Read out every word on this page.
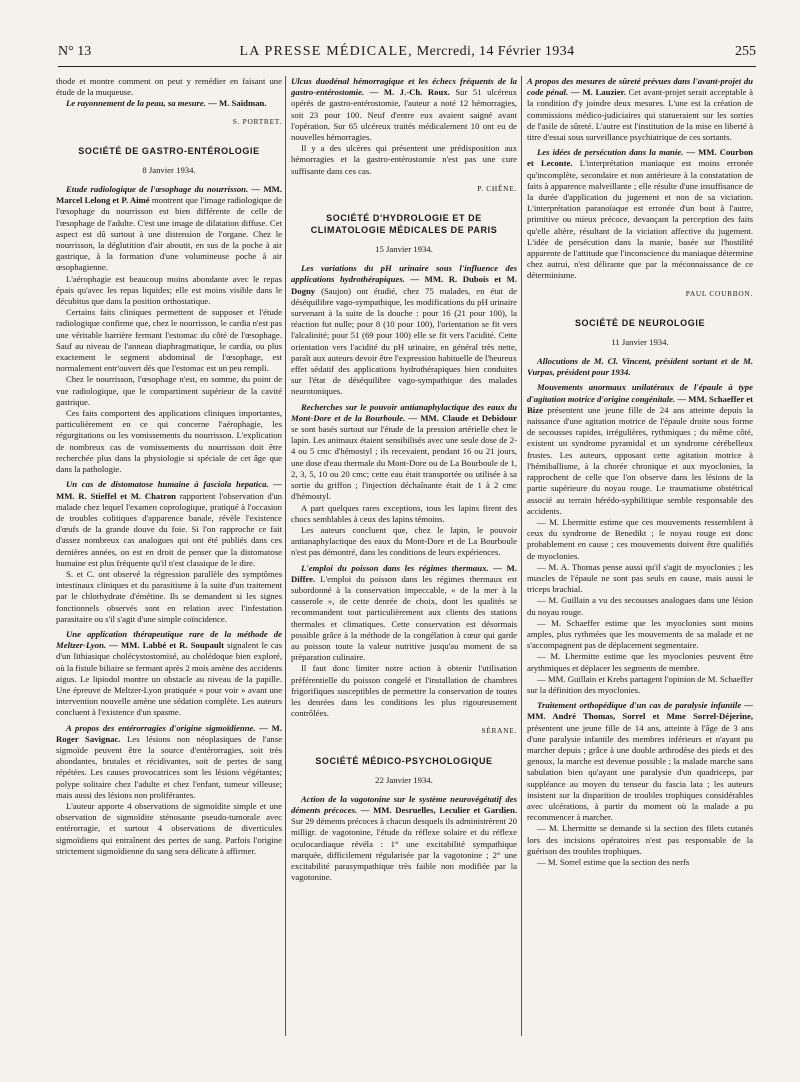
N° 13	LA PRESSE MÉDICALE, Mercredi, 14 Février 1934	255

thode et montre comment on peut y remédier en faisant une étude de la muqueuse.

Le rayonnement de la peau, sa mesure. — M. Saidman.

S. PORTRET.
SOCIÉTÉ DE GASTRO-ENTÉROLOGIE
8 Janvier 1934.

Etude radiologique de l'œsophage du nourrisson. — MM. Marcel Lelong et P. Aimé montrent que l'image radiologique de l'œsophage du nourrisson est bien différente de celle de l'œsophage de l'adulte. C'est une image de dilatation diffuse. Cet aspect est dû surtout à une distension de l'organe. Chez le nourrisson, la déglutition d'air aboutit, en sus de la poche à air gastrique, à la formation d'une volumineuse poche à air œsophagienne.

L'aérophagie est beaucoup moins abondante avec le repas épais qu'avec les repas liquides; elle est moins visible dans le décubitus que dans la position orthostatique.

Certains faits cliniques permettent de supposer et l'étude radiologique confirme que, chez le nourrisson, le cardia n'est pas une véritable barrière fermant l'estomac du côté de l'œsophage. Sauf au niveau de l'anneau diaphragmatique, le cardia, ou plus exactement le segment abdominal de l'œsophage, est normalement entr'ouvert dès que l'estomac est un peu rempli.

Chez le nourrisson, l'œsophage n'est, en somme, du point de vue radiologique, que le compartiment supérieur de la cavité gastrique.

Ces faits comportent des applications cliniques importantes, particulièrement en ce qui concerne l'aérophagie, les régurgitations ou les vomissements du nourrisson. L'explication de nombreux cas de vomissements du nourrisson doit être recherchée plus dans la physiologie si spéciale de cet âge que dans la pathologie.

Un cas de distomatose humaine à fasciola hepatica. — MM. R. Stieffel et M. Chatron rapportent l'observation d'un malade chez lequel l'examen coprologique, pratiqué à l'occasion de troubles colitiques d'apparence banale, révèle l'existence d'œufs de la grande douve du foie. Si l'on rapproche ce fait d'assez nombreux cas analogues qui ont été publiés dans ces dernières années, on est en droit de penser que la distomatose humaine est plus fréquente qu'il n'est classique de le dire.

S. et C. ont observé la régression parallèle des symptômes intestinaux cliniques et du parasitisme à la suite d'un traitement par le chlorhydrate d'émétine. Ils se demandent si les signes fonctionnels observés sont en relation avec l'infestation parasitaire ou s'il s'agit d'une simple coïncidence.

Une application thérapeutique rare de la méthode de Meltzer-Lyon. — MM. Labbé et R. Soupault signalent le cas d'un lithiasique cholécystostomisé, au cholédoque bien exploré, où la fistule biliaire se fermant après 2 mois amène des accidents aigus. Le lipiodol montre un obstacle au niveau de la papille. Une épreuve de Meltzer-Lyon pratiquée « pour voir » avant une intervention nouvelle amène une sédation complète. Les auteurs concluent à l'existence d'un spasme.

A propos des entérorragies d'origine sigmoïdienne. — M. Roger Savignac. Les lésions non néoplasiques de l'anse sigmoïde peuvent être la source d'entérorragies, soit très abondantes, brutales et récidivantes, soit de pertes de sang répétées. Les causes provocatrices sont les lésions végétantes; polype solitaire chez l'adulte et chez l'enfant, tumeur villeuse; mais aussi des lésions non proliférantes.

L'auteur apporte 4 observations de sigmoïdite simple et une observation de sigmoïdite sténosante pseudo-tumorale avec entérorragie, et surtout 4 observations de diverticules sigmoïdiens qui entraînent des pertes de sang. Parfois l'origine strictement sigmoïdienne du sang sera délicate à affirmer.

Ulcus duodénal hémorragique et les échecs fréquents de la gastro-entérostomie. — M. J.-Ch. Roux. Sur 51 ulcéreux opérés de gastro-entérostomie, l'auteur a noté 12 hémorragies, soit 23 pour 100. Neuf d'entre eux avaient saigné avant l'opération. Sur 65 ulcéreux traités médicalement 10 ont eu de nouvelles hémorragies.

Il y a des ulcères qui présentent une prédisposition aux hémorragies et la gastro-entérostomie n'est pas une cure suffisante dans ces cas.

P. CHÊNE.
SOCIÉTÉ D'HYDROLOGIE ET DE CLIMATOLOGIE MÉDICALES DE PARIS
15 Janvier 1934.

Les variations du pH urinaire sous l'influence des applications hydrothérapiques. — MM. R. Dubois et M. Dogny (Saujon) ont étudié, chez 75 malades, en état de déséquilibre vago-sympathique, les modifications du pH urinaire survenant à la suite de la douche : pour 16 (21 pour 100), la réaction fut nulle; pour 8 (10 pour 100), l'orientation se fit vers l'alcalinité; pour 51 (69 pour 100) elle se fit vers l'acidité. Cette orientation vers l'acidité du pH urinaire, en général très nette, paraît aux auteurs devoir être l'expression habituelle de l'heureux effet sédatif des applications hydrothérapiques bien conduites sur l'état de déséquilibre vago-sympathique des malades neurotoniques.

Recherches sur le pouvoir antianaphylactique des eaux du Mont-Dore et de la Bourboule. — MM. Claude et Debidour se sont basés surtout sur l'étude de la pression artérielle chez le lapin. Les animaux étaient sensibilisés avec une seule dose de 2-4 ou 5 cmc d'hémostyl ; ils recevaient, pendant 16 ou 21 jours, une dose d'eau thermale du Mont-Dore ou de La Bourboule de 1, 2, 3, 5, 10 ou 20 cmc; cette eau était transportée ou utilisée à sa sortie du griffon ; l'injection déchaînante était de 1 à 2 cmc d'hémostyl.

A part quelques rares exceptions, tous les lapins firent des chocs semblables à ceux des lapins témoins.

Les auteurs concluent que, chez le lapin, le pouvoir antianaphylactique des eaux du Mont-Dore et de La Bourboule n'est pas démontré, dans les conditions de leurs expériences.

L'emploi du poisson dans les régimes thermaux. — M. Diffre. L'emploi du poisson dans les régimes thermaux est subordonné à la conservation impeccable, « de la mer à la casserole », de cette denrée de choix, dont les qualités se recommandent tout particulièrement aux clients des stations thermales et climatiques. Cette conservation est désormais possible grâce à la méthode de la congélation à cœur qui garde au poisson toute la valeur nutritive jusqu'au moment de sa préparation culinaire.

Il faut donc limiter notre action à obtenir l'utilisation préférentielle du poisson congelé et l'installation de chambres frigorifiques susceptibles de permettre la conservation de toutes les denrées dans les conditions les plus rigoureusement contrôlées.

SÉRANE.
SOCIÉTÉ MÉDICO-PSYCHOLOGIQUE
22 Janvier 1934.

Action de la vagotonine sur le système neurovégétatif des déments précoces. — MM. Desruelles, Leculier et Gardien. Sur 29 déments précoces à chacun desquels ils administrèrent 20 milligr. de vagotonine, l'étude du réflexe solaire et du réflexe oculocardiaque révéla : 1° une excitabilité sympathique marquée, difficilement régularisée par la vagotonine ; 2° une excitabilité parasympathique très faible non modifiée par la vagotonine.

A propos des mesures de sûreté prévues dans l'avant-projet du code pénal. — M. Lauzier. Cet avant-projet serait acceptable à la condition d'y joindre deux mesures. L'une est la création de commissions médico-judiciaires qui statueraient sur les sorties de l'asile de sûreté. L'autre est l'institution de la mise en liberté à titre d'essai sous surveillance psychiatrique de ces sortants.

Les idées de persécution dans la manie. — MM. Courbon et Leconte. L'interprétation maniaque est moins erronée qu'incomplète, secondaire et non antérieure à la constatation de faits à apparence malveillante ; elle résulte d'une insuffisance de la durée d'application du jugement et non de sa viciation. L'interprétation paranoïaque est erronée d'un bout à l'autre, primitive ou mieux précoce, devançant la perception des faits qu'elle altère, résultant de la viciation affective du jugement. L'idée de persécution dans la manie, basée sur l'hostilité apparente de l'attitude que l'inconscience du maniaque détermine chez autrui, n'est délirante que par la méconnaissance de ce déterminisme.

PAUL COURBON.
SOCIÉTÉ DE NEUROLOGIE
11 Janvier 1934.

Allocutions de M. Cl. Vincent, président sortant et de M. Vurpas, président pour 1934.

Mouvements anormaux unilatéraux de l'épaule à type d'agitation motrice d'origine congénitale. — MM. Schaeffer et Bize présentent une jeune fille de 24 ans atteinte depuis la naissance d'une agitation motrice de l'épaule droite sous forme de secousses rapides, irrégulières, rythmiques ; du même côté, existent un syndrome pyramidal et un syndrome cérébelleux frustes. Les auteurs, opposant cette agitation motrice à l'hémiballisme, à la chorée chronique et aux myoclonies, la rapprochent de celle que l'on observe dans les lésions de la partie supérieure du noyau rouge. Le traumatisme obstétrical associé au terrain hérédo-syphilitique semble responsable des accidents.

— M. Lhermitte estime que ces mouvements ressemblent à ceux du syndrome de Benedikt ; le noyau rouge est donc probablement en cause ; ces mouvements doivent être qualifiés de myoclonies.

— M. A. Thomas pense aussi qu'il s'agit de myoclonies ; les muscles de l'épaule ne sont pas seuls en cause, mais aussi le triceps brachial.

— M. Guillain a vu des secousses analogues dans une lésion du noyau rouge.

— M. Schaeffer estime que les myoclonies sont moins amples, plus rythmées que les mouvements de sa malade et ne s'accompagnent pas de déplacement segmentaire.

— M. Lhermitte estime que les myoclonies peuvent être arythmiques et déplacer les segments de membre.

— MM. Guillain et Krebs partagent l'opinion de M. Schaeffer sur la définition des myoclonies.

Traitement orthopédique d'un cas de paralysie infantile — MM. André Thomas, Sorrel et Mme Sorrel-Déjerine, présentent une jeune fille de 14 ans, atteinte à l'âge de 3 ans d'une paralysie infantile des membres inférieurs et n'ayant pu marcher depuis ; grâce à une double arthrodèse des pieds et des genoux, la marche est devenue possible ; la malade marche sans sabulation bien qu'ayant une paralysie d'un quadriceps, par suppléance au moyen du tenseur du fascia lata ; les auteurs insistent sur la disparition de troubles trophiques considérables avec ulcérations, à partir du moment où la malade a pu recommencer à marcher.

— M. Lhermitte se demande si la section des filets cutanés lors des incisions opératoires n'est pas responsable de la guérison des troubles trophiques.

— M. Sorrel estime que la section des nerfs
